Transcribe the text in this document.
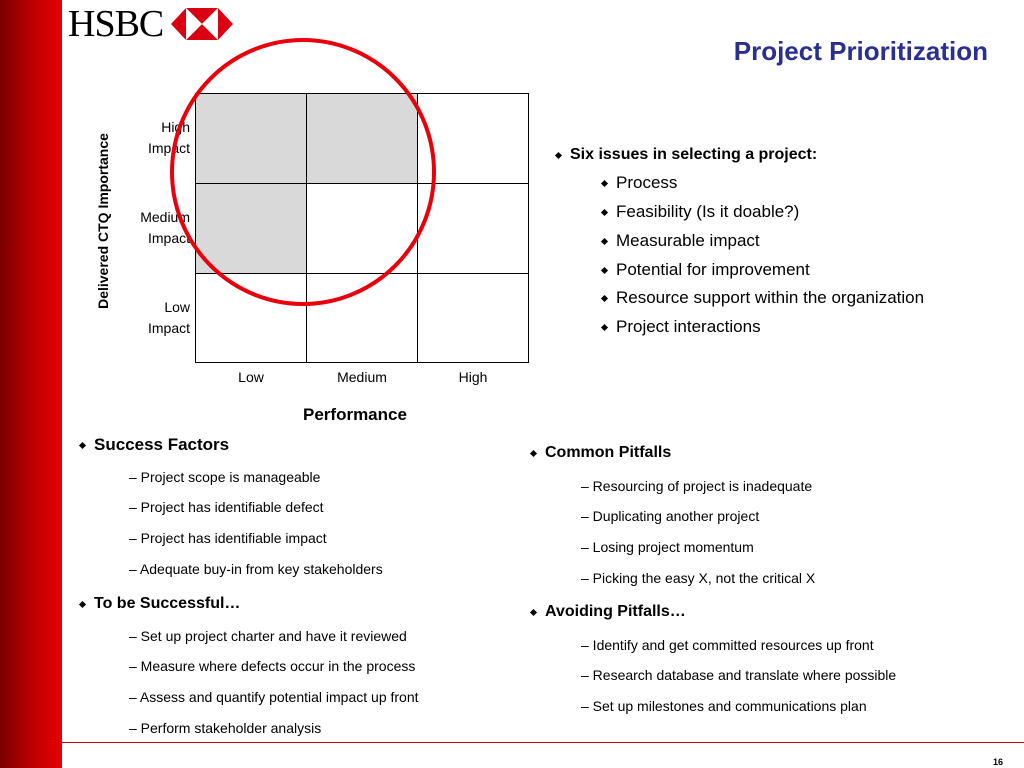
HSBC
Project Prioritization
Delivered CTQ Importance
High
Impact
Medium
Impact
Low
Impact
Low	Medium	High
Performance
Six issues in selecting a project:
Process
Feasibility (Is it doable?)
Measurable impact
Potential for improvement
Resource support within the organization
Project interactions
Success Factors
– Project scope is manageable
– Project has identifiable defect
– Project has identifiable impact
– Adequate buy-in from key stakeholders
To be Successful…
– Set up project charter and have it reviewed
– Measure where defects occur in the process
– Assess and quantify potential impact up front
– Perform stakeholder analysis
Common Pitfalls
– Resourcing of project is inadequate
– Duplicating another project
– Losing project momentum
– Picking the easy X, not the critical X
Avoiding Pitfalls…
– Identify and get committed resources up front
– Research database and translate where possible
– Set up milestones and communications plan
16
